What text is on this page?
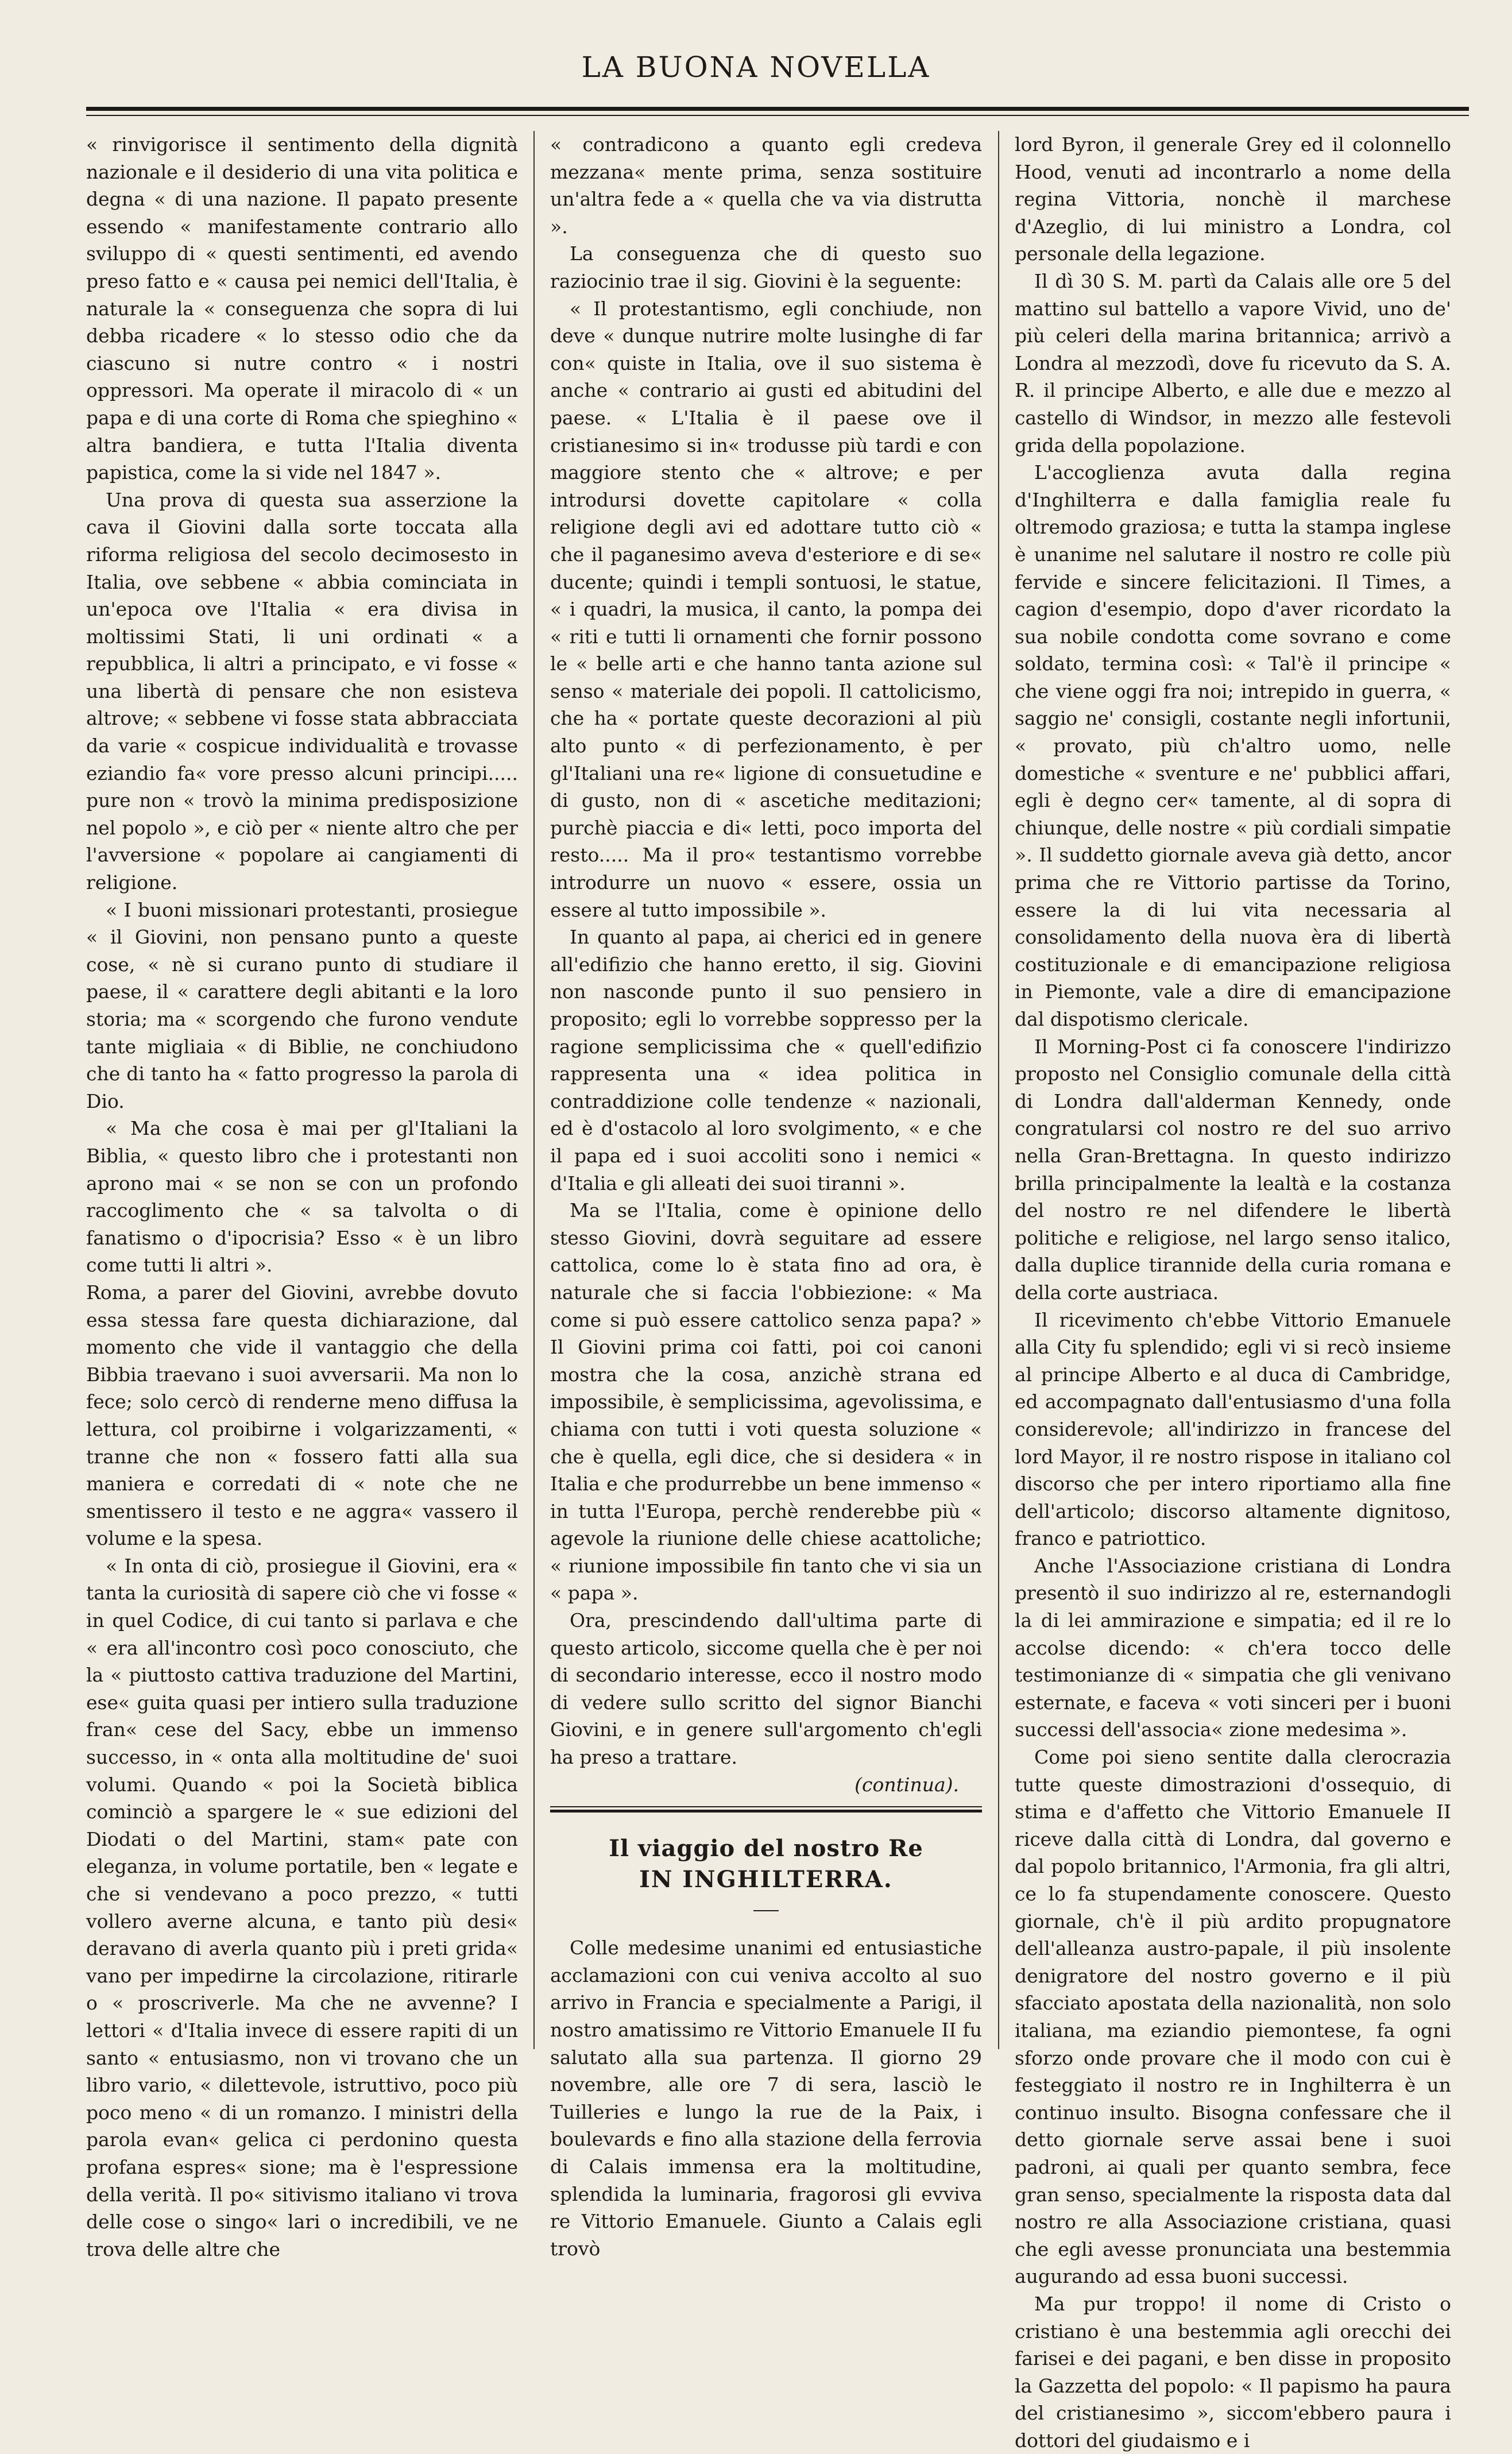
LA BUONA NOVELLA

« rinvigorisce il sentimento della dignità nazionale e il desiderio di una vita politica e degna « di una nazione. Il papato presente essendo « manifestamente contrario allo sviluppo di « questi sentimenti, ed avendo preso fatto e « causa pei nemici dell'Italia, è naturale la « conseguenza che sopra di lui debba ricadere « lo stesso odio che da ciascuno si nutre contro « i nostri oppressori. Ma operate il miracolo di « un papa e di una corte di Roma che spieghino « altra bandiera, e tutta l'Italia diventa papistica, come la si vide nel 1847 ».

Una prova di questa sua asserzione la cava il Giovini dalla sorte toccata alla riforma religiosa del secolo decimosesto in Italia, ove sebbene « abbia cominciata in un'epoca ove l'Italia « era divisa in moltissimi Stati, li uni ordinati « a repubblica, li altri a principato, e vi fosse « una libertà di pensare che non esisteva altrove; « sebbene vi fosse stata abbracciata da varie « cospicue individualità e trovasse eziandio fa« vore presso alcuni principi..... pure non « trovò la minima predisposizione nel popolo », e ciò per « niente altro che per l'avversione « popolare ai cangiamenti di religione.

« I buoni missionari protestanti, prosiegue « il Giovini, non pensano punto a queste cose, « nè si curano punto di studiare il paese, il « carattere degli abitanti e la loro storia; ma « scorgendo che furono vendute tante migliaia « di Biblie, ne conchiudono che di tanto ha « fatto progresso la parola di Dio.

« Ma che cosa è mai per gl'Italiani la Biblia, « questo libro che i protestanti non aprono mai « se non se con un profondo raccoglimento che « sa talvolta o di fanatismo o d'ipocrisia? Esso « è un libro come tutti li altri ».

Roma, a parer del Giovini, avrebbe dovuto essa stessa fare questa dichiarazione, dal momento che vide il vantaggio che della Bibbia traevano i suoi avversarii. Ma non lo fece; solo cercò di renderne meno diffusa la lettura, col proibirne i volgarizzamenti, « tranne che non « fossero fatti alla sua maniera e corredati di « note che ne smentissero il testo e ne aggra« vassero il volume e la spesa.

« In onta di ciò, prosiegue il Giovini, era « tanta la curiosità di sapere ciò che vi fosse « in quel Codice, di cui tanto si parlava e che « era all'incontro così poco conosciuto, che la « piuttosto cattiva traduzione del Martini, ese« guita quasi per intiero sulla traduzione fran« cese del Sacy, ebbe un immenso successo, in « onta alla moltitudine de' suoi volumi. Quando « poi la Società biblica cominciò a spargere le « sue edizioni del Diodati o del Martini, stam« pate con eleganza, in volume portatile, ben « legate e che si vendevano a poco prezzo, « tutti vollero averne alcuna, e tanto più desi« deravano di averla quanto più i preti grida« vano per impedirne la circolazione, ritirarle o « proscriverle. Ma che ne avvenne? I lettori « d'Italia invece di essere rapiti di un santo « entusiasmo, non vi trovano che un libro vario, « dilettevole, istruttivo, poco più poco meno « di un romanzo. I ministri della parola evan« gelica ci perdonino questa profana espres« sione; ma è l'espressione della verità. Il po« sitivismo italiano vi trova delle cose o singo« lari o incredibili, ve ne trova delle altre che

« contradicono a quanto egli credeva mezzana« mente prima, senza sostituire un'altra fede a « quella che va via distrutta ».

La conseguenza che di questo suo raziocinio trae il sig. Giovini è la seguente:

« Il protestantismo, egli conchiude, non deve « dunque nutrire molte lusinghe di far con« quiste in Italia, ove il suo sistema è anche « contrario ai gusti ed abitudini del paese. « L'Italia è il paese ove il cristianesimo si in« trodusse più tardi e con maggiore stento che « altrove; e per introdursi dovette capitolare « colla religione degli avi ed adottare tutto ciò « che il paganesimo aveva d'esteriore e di se« ducente; quindi i templi sontuosi, le statue, « i quadri, la musica, il canto, la pompa dei « riti e tutti li ornamenti che fornir possono le « belle arti e che hanno tanta azione sul senso « materiale dei popoli. Il cattolicismo, che ha « portate queste decorazioni al più alto punto « di perfezionamento, è per gl'Italiani una re« ligione di consuetudine e di gusto, non di « ascetiche meditazioni; purchè piaccia e di« letti, poco importa del resto..... Ma il pro« testantismo vorrebbe introdurre un nuovo « essere, ossia un essere al tutto impossibile ».

In quanto al papa, ai cherici ed in genere all'edifizio che hanno eretto, il sig. Giovini non nasconde punto il suo pensiero in proposito; egli lo vorrebbe soppresso per la ragione semplicissima che « quell'edifizio rappresenta una « idea politica in contraddizione colle tendenze « nazionali, ed è d'ostacolo al loro svolgimento, « e che il papa ed i suoi accoliti sono i nemici « d'Italia e gli alleati dei suoi tiranni ».

Ma se l'Italia, come è opinione dello stesso Giovini, dovrà seguitare ad essere cattolica, come lo è stata fino ad ora, è naturale che si faccia l'obbiezione: « Ma come si può essere cattolico senza papa? » Il Giovini prima coi fatti, poi coi canoni mostra che la cosa, anzichè strana ed impossibile, è semplicissima, agevolissima, e chiama con tutti i voti questa soluzione « che è quella, egli dice, che si desidera « in Italia e che produrrebbe un bene immenso « in tutta l'Europa, perchè renderebbe più « agevole la riunione delle chiese acattoliche; « riunione impossibile fin tanto che vi sia un « papa ».

Ora, prescindendo dall'ultima parte di questo articolo, siccome quella che è per noi di secondario interesse, ecco il nostro modo di vedere sullo scritto del signor Bianchi Giovini, e in genere sull'argomento ch'egli ha preso a trattare.

(continua).
Il viaggio del nostro Re
IN INGHILTERRA.

Colle medesime unanimi ed entusiastiche acclamazioni con cui veniva accolto al suo arrivo in Francia e specialmente a Parigi, il nostro amatissimo re Vittorio Emanuele II fu salutato alla sua partenza. Il giorno 29 novembre, alle ore 7 di sera, lasciò le Tuilleries e lungo la rue de la Paix, i boulevards e fino alla stazione della ferrovia di Calais immensa era la moltitudine, splendida la luminaria, fragorosi gli evviva re Vittorio Emanuele. Giunto a Calais egli trovò

lord Byron, il generale Grey ed il colonnello Hood, venuti ad incontrarlo a nome della regina Vittoria, nonchè il marchese d'Azeglio, di lui ministro a Londra, col personale della legazione.

Il dì 30 S. M. partì da Calais alle ore 5 del mattino sul battello a vapore Vivid, uno de' più celeri della marina britannica; arrivò a Londra al mezzodì, dove fu ricevuto da S. A. R. il principe Alberto, e alle due e mezzo al castello di Windsor, in mezzo alle festevoli grida della popolazione.

L'accoglienza avuta dalla regina d'Inghilterra e dalla famiglia reale fu oltremodo graziosa; e tutta la stampa inglese è unanime nel salutare il nostro re colle più fervide e sincere felicitazioni. Il Times, a cagion d'esempio, dopo d'aver ricordato la sua nobile condotta come sovrano e come soldato, termina così: « Tal'è il principe « che viene oggi fra noi; intrepido in guerra, « saggio ne' consigli, costante negli infortunii, « provato, più ch'altro uomo, nelle domestiche « sventure e ne' pubblici affari, egli è degno cer« tamente, al di sopra di chiunque, delle nostre « più cordiali simpatie ». Il suddetto giornale aveva già detto, ancor prima che re Vittorio partisse da Torino, essere la di lui vita necessaria al consolidamento della nuova èra di libertà costituzionale e di emancipazione religiosa in Piemonte, vale a dire di emancipazione dal dispotismo clericale.

Il Morning-Post ci fa conoscere l'indirizzo proposto nel Consiglio comunale della città di Londra dall'alderman Kennedy, onde congratularsi col nostro re del suo arrivo nella Gran-Brettagna. In questo indirizzo brilla principalmente la lealtà e la costanza del nostro re nel difendere le libertà politiche e religiose, nel largo senso italico, dalla duplice tirannide della curia romana e della corte austriaca.

Il ricevimento ch'ebbe Vittorio Emanuele alla City fu splendido; egli vi si recò insieme al principe Alberto e al duca di Cambridge, ed accompagnato dall'entusiasmo d'una folla considerevole; all'indirizzo in francese del lord Mayor, il re nostro rispose in italiano col discorso che per intero riportiamo alla fine dell'articolo; discorso altamente dignitoso, franco e patriottico.

Anche l'Associazione cristiana di Londra presentò il suo indirizzo al re, esternandogli la di lei ammirazione e simpatia; ed il re lo accolse dicendo: « ch'era tocco delle testimonianze di « simpatia che gli venivano esternate, e faceva « voti sinceri per i buoni successi dell'associa« zione medesima ».

Come poi sieno sentite dalla clerocrazia tutte queste dimostrazioni d'ossequio, di stima e d'affetto che Vittorio Emanuele II riceve dalla città di Londra, dal governo e dal popolo britannico, l'Armonia, fra gli altri, ce lo fa stupendamente conoscere. Questo giornale, ch'è il più ardito propugnatore dell'alleanza austro-papale, il più insolente denigratore del nostro governo e il più sfacciato apostata della nazionalità, non solo italiana, ma eziandio piemontese, fa ogni sforzo onde provare che il modo con cui è festeggiato il nostro re in Inghilterra è un continuo insulto. Bisogna confessare che il detto giornale serve assai bene i suoi padroni, ai quali per quanto sembra, fece gran senso, specialmente la risposta data dal nostro re alla Associazione cristiana, quasi che egli avesse pronunciata una bestemmia augurando ad essa buoni successi.

Ma pur troppo! il nome di Cristo o cristiano è una bestemmia agli orecchi dei farisei e dei pagani, e ben disse in proposito la Gazzetta del popolo: « Il papismo ha paura del cristianesimo », siccom'ebbero paura i dottori del giudaismo e i
